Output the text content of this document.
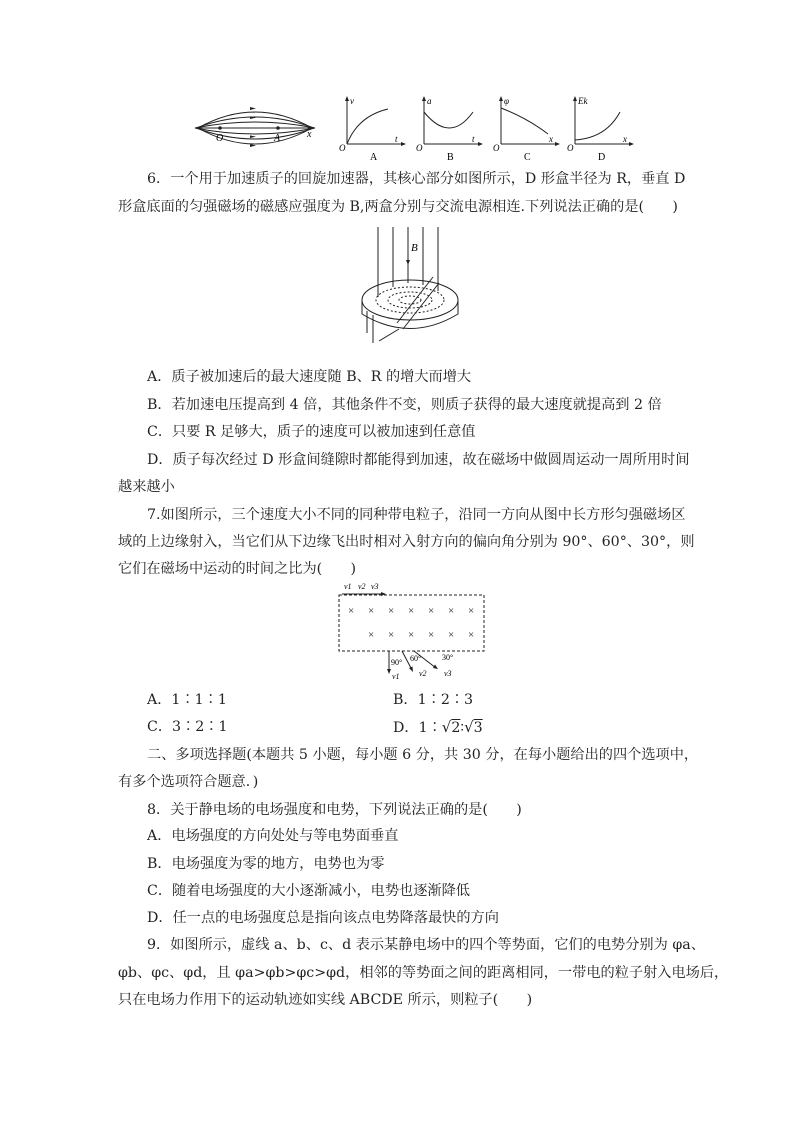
O	A	x
v
t
O
A
a
t
O
B
φ
x
O
C
Ek
x
O
D
6．一个用于加速质子的回旋加速器，其核心部分如图所示，D 形盒半径为 R，垂直 D
形盒底面的匀强磁场的磁感应强度为 B,两盒分别与交流电源相连.下列说法正确的是(　　)
B
A．质子被加速后的最大速度随 B、R 的增大而增大
B．若加速电压提高到 4 倍，其他条件不变，则质子获得的最大速度就提高到 2 倍
C．只要 R 足够大，质子的速度可以被加速到任意值
D．质子每次经过 D 形盒间缝隙时都能得到加速，故在磁场中做圆周运动一周所用时间
越来越小
7.如图所示，三个速度大小不同的同种带电粒子，沿同一方向从图中长方形匀强磁场区
域的上边缘射入，当它们从下边缘飞出时相对入射方向的偏向角分别为 90°、60°、30°，则
它们在磁场中运动的时间之比为(　　)
v1 v2 v3
× × × × × × ×
× × × × × ×
90° 60°	30°
v1 v2 v3
A．1∶1∶1	B．1∶2∶3
C．3∶2∶1	D．1∶√2∶√3
二、多项选择题(本题共 5 小题，每小题 6 分，共 30 分，在每小题给出的四个选项中，
有多个选项符合题意．)
8．关于静电场的电场强度和电势，下列说法正确的是(　　)
A．电场强度的方向处处与等电势面垂直
B．电场强度为零的地方，电势也为零
C．随着电场强度的大小逐渐减小，电势也逐渐降低
D．任一点的电场强度总是指向该点电势降落最快的方向
9．如图所示，虚线 a、b、c、d 表示某静电场中的四个等势面，它们的电势分别为 φa、
φb、φc、φd，且 φa>φb>φc>φd，相邻的等势面之间的距离相同，一带电的粒子射入电场后，
只在电场力作用下的运动轨迹如实线 ABCDE 所示，则粒子(　　)
